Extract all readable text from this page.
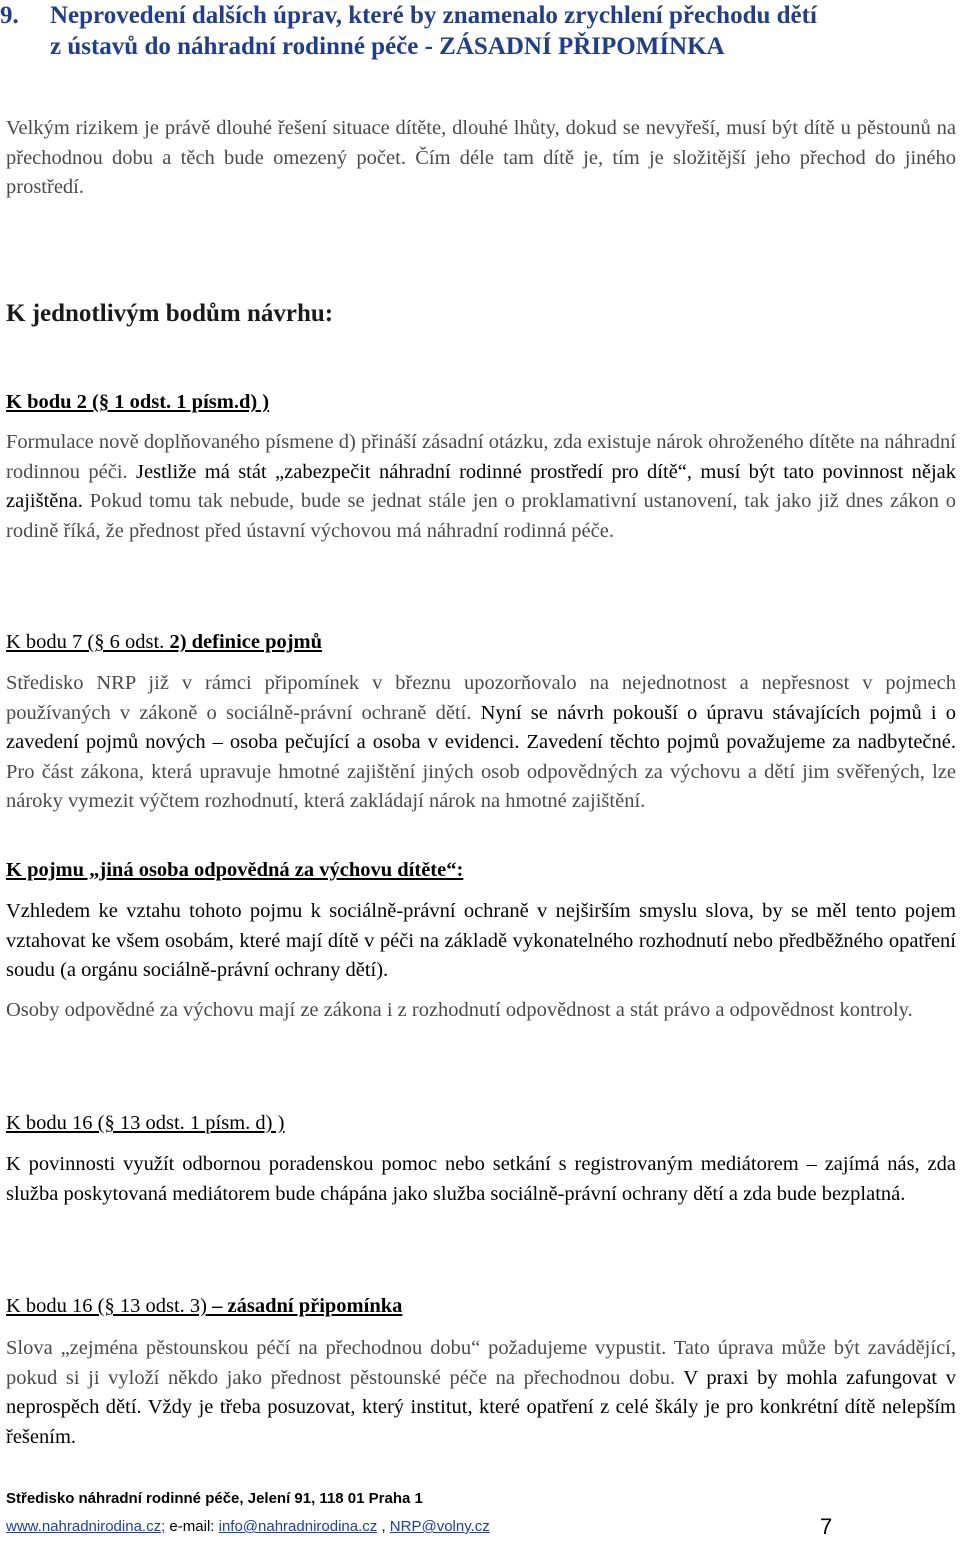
9. Neprovedení dalších úprav, které by znamenalo zrychlení přechodu dětí
z ústavů do náhradní rodinné péče - ZÁSADNÍ PŘIPOMÍNKA
Velkým rizikem je právě dlouhé řešení situace dítěte, dlouhé lhůty, dokud se nevyřeší, musí být dítě u pěstounů na přechodnou dobu a těch bude omezený počet. Čím déle tam dítě je, tím je složitější jeho přechod do jiného prostředí.
K jednotlivým bodům návrhu:
K bodu 2 (§ 1 odst. 1 písm.d) )
Formulace nově doplňovaného písmene d) přináší zásadní otázku, zda existuje nárok ohroženého dítěte na náhradní rodinnou péči. Jestliže má stát „zabezpečit náhradní rodinné prostředí pro dítě“, musí být tato povinnost nějak zajištěna. Pokud tomu tak nebude, bude se jednat stále jen o proklamativní ustanovení, tak jako již dnes zákon o rodině říká, že přednost před ústavní výchovou má náhradní rodinná péče.
K bodu 7 (§ 6 odst. 2) definice pojmů
Středisko NRP již v rámci připomínek v březnu upozorňovalo na nejednotnost a nepřesnost v pojmech používaných v zákoně o sociálně-právní ochraně dětí. Nyní se návrh pokouší o úpravu stávajících pojmů i o zavedení pojmů nových – osoba pečující a osoba v evidenci. Zavedení těchto pojmů považujeme za nadbytečné. Pro část zákona, která upravuje hmotné zajištění jiných osob odpovědných za výchovu a dětí jim svěřených, lze nároky vymezit výčtem rozhodnutí, která zakládají nárok na hmotné zajištění.
K pojmu „jiná osoba odpovědná za výchovu dítěte“:
Vzhledem ke vztahu tohoto pojmu k sociálně-právní ochraně v nejširším smyslu slova, by se měl tento pojem vztahovat ke všem osobám, které mají dítě v péči na základě vykonatelného rozhodnutí nebo předběžného opatření soudu (a orgánu sociálně-právní ochrany dětí).
Osoby odpovědné za výchovu mají ze zákona i z rozhodnutí odpovědnost a stát právo a odpovědnost kontroly.
K bodu 16 (§ 13 odst. 1 písm. d) )
K povinnosti využít odbornou poradenskou pomoc nebo setkání s registrovaným mediátorem – zajímá nás, zda služba poskytovaná mediátorem bude chápána jako služba sociálně-právní ochrany dětí a zda bude bezplatná.
K bodu 16 (§ 13 odst. 3) – zásadní připomínka
Slova „zejména pěstounskou péčí na přechodnou dobu“ požadujeme vypustit. Tato úprava může být zavádějící, pokud si ji vyloží někdo jako přednost pěstounské péče na přechodnou dobu. V praxi by mohla zafungovat v neprospěch dětí. Vždy je třeba posuzovat, který institut, které opatření z celé škály je pro konkrétní dítě nelepším řešením.
Středisko náhradní rodinné péče, Jelení 91, 118 01 Praha 1
www.nahradnirodina.cz; e-mail: info@nahradnirodina.cz , NRP@volny.cz	7
